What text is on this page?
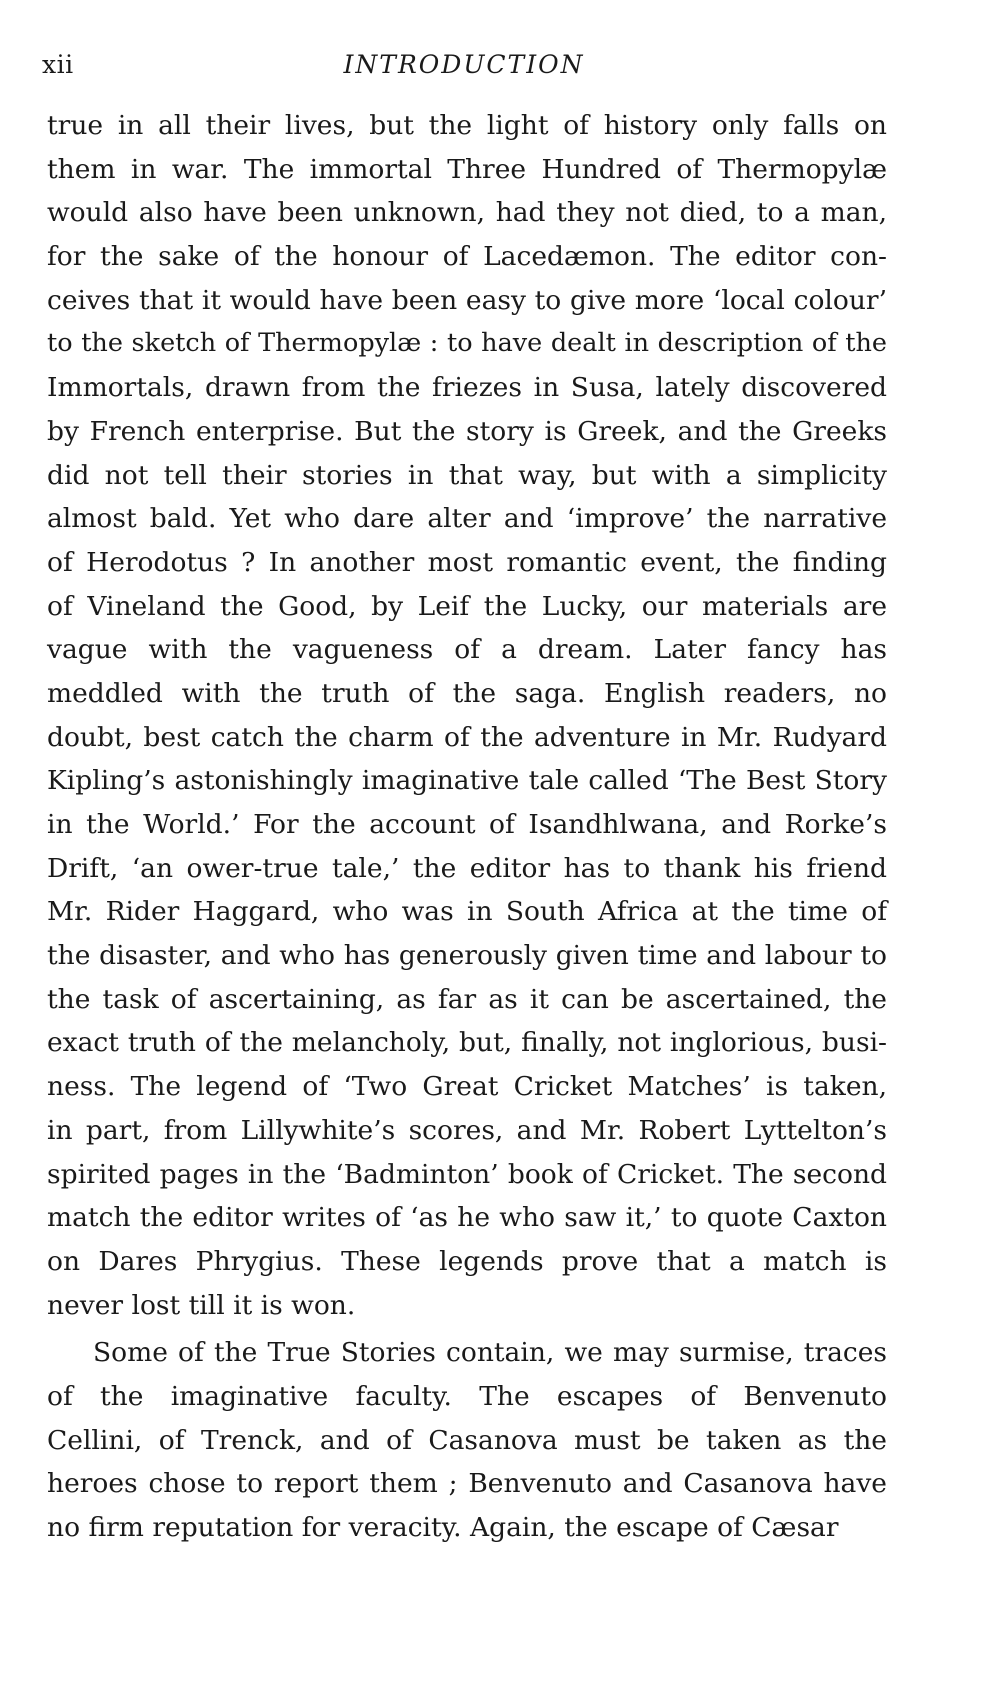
xii	INTRODUCTION
true in all their lives, but the light of history only falls on
them in war. The immortal Three Hundred of Thermopylæ
would also have been unknown, had they not died, to a man,
for the sake of the honour of Lacedæmon. The editor con-
ceives that it would have been easy to give more ‘local colour’
to the sketch of Thermopylæ : to have dealt in description of the
Immortals, drawn from the friezes in Susa, lately discovered
by French enterprise. But the story is Greek, and the Greeks
did not tell their stories in that way, but with a simplicity
almost bald. Yet who dare alter and ‘improve’ the narrative
of Herodotus ? In another most romantic event, the finding
of Vineland the Good, by Leif the Lucky, our materials are
vague with the vagueness of a dream. Later fancy has
meddled with the truth of the saga. English readers, no
doubt, best catch the charm of the adventure in Mr. Rudyard
Kipling’s astonishingly imaginative tale called ‘The Best Story
in the World.’ For the account of Isandhlwana, and Rorke’s
Drift, ‘an ower-true tale,’ the editor has to thank his friend
Mr. Rider Haggard, who was in South Africa at the time of
the disaster, and who has generously given time and labour to
the task of ascertaining, as far as it can be ascertained, the
exact truth of the melancholy, but, finally, not inglorious, busi-
ness. The legend of ‘Two Great Cricket Matches’ is taken,
in part, from Lillywhite’s scores, and Mr. Robert Lyttelton’s
spirited pages in the ‘Badminton’ book of Cricket. The second
match the editor writes of ‘as he who saw it,’ to quote Caxton
on Dares Phrygius. These legends prove that a match is
never lost till it is won.
Some of the True Stories contain, we may surmise, traces
of the imaginative faculty. The escapes of Benvenuto
Cellini, of Trenck, and of Casanova must be taken as the
heroes chose to report them ; Benvenuto and Casanova have
no firm reputation for veracity. Again, the escape of Cæsar
